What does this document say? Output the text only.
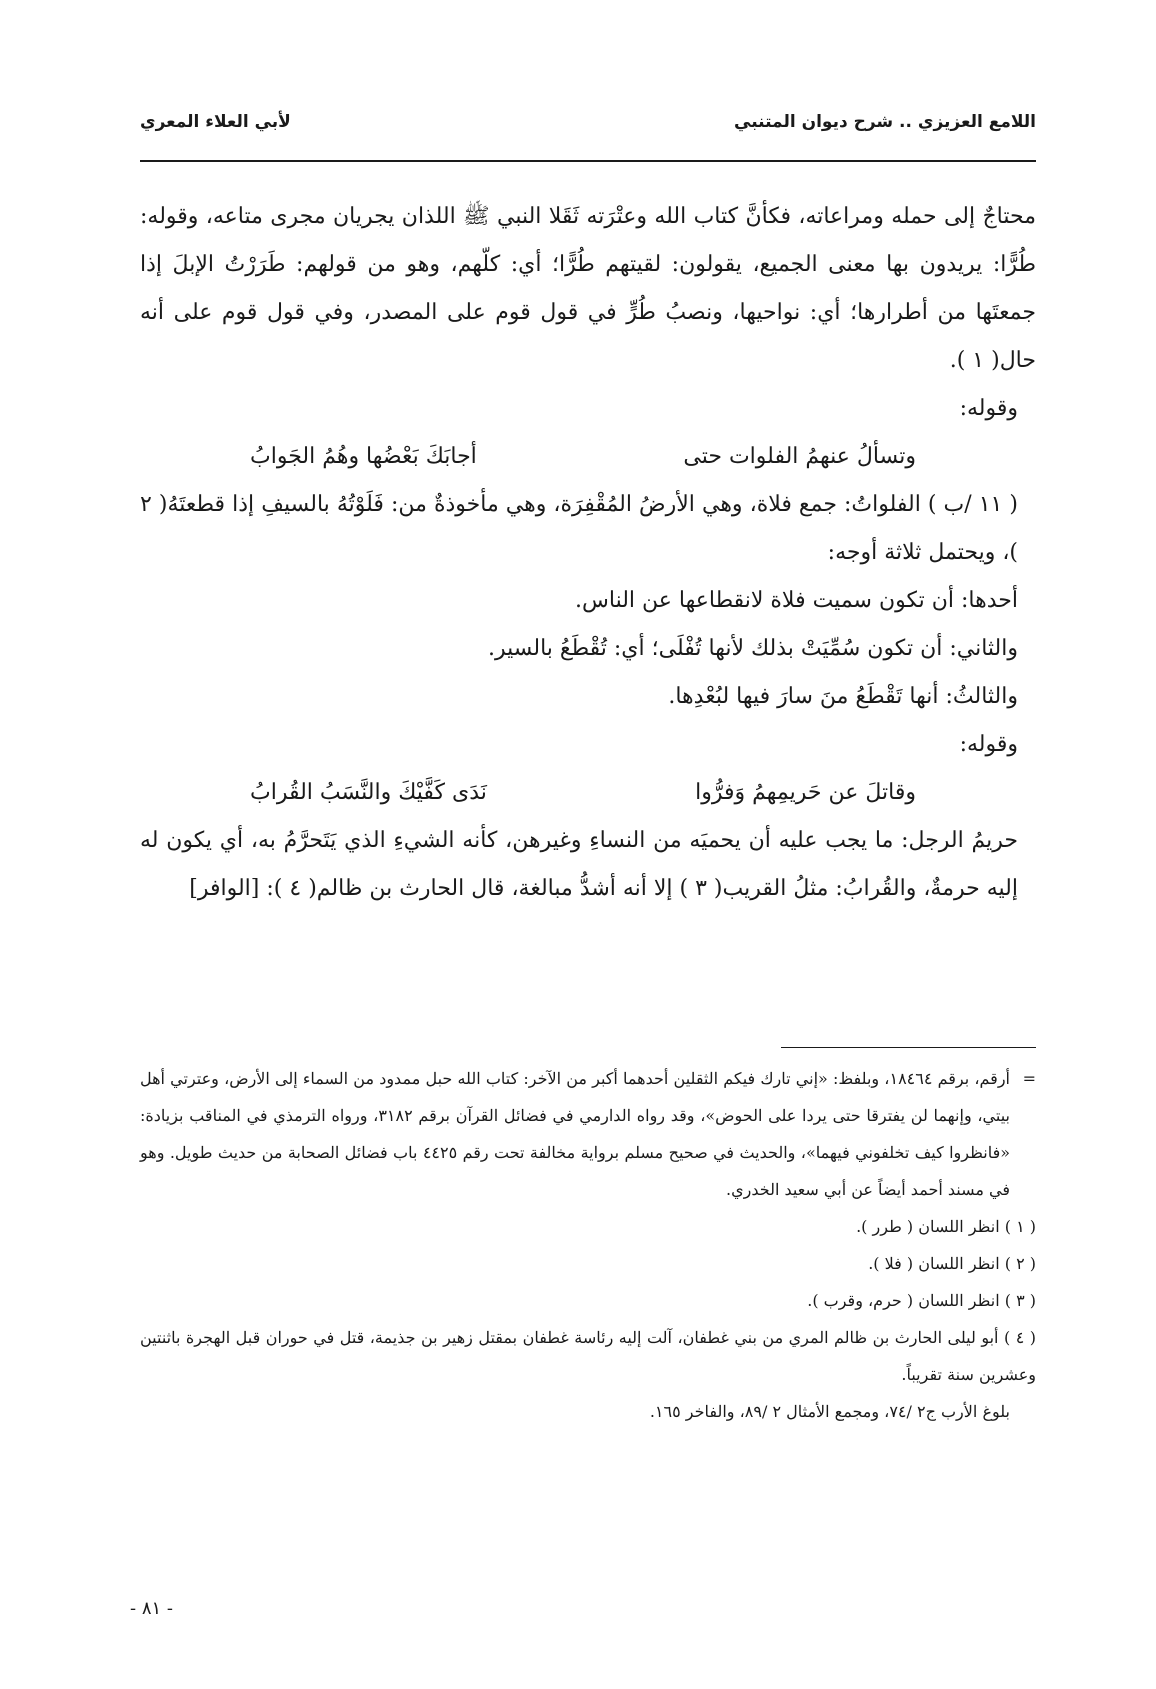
اللامع العزيزي .. شرح ديوان المتنبي
لأبي العلاء المعري

محتاجٌ إلى حمله ومراعاته، فكأنَّ كتاب الله وعتْرَته ثَقَلا النبي ﷺ اللذان يجريان مجرى متاعه، وقوله: طُرًّا: يريدون بها معنى الجميع، يقولون: لقيتهم طُرًّا؛ أي: كلّهم، وهو من قولهم: طَرَرْتُ الإبلَ إذا جمعتَها من أطرارها؛ أي: نواحيها، ونصبُ طُرٍّ في قول قوم على المصدر، وفي قول قوم على أنه حال( ١ ).

وقوله:

وتسألُ عنهمُ الفلوات حتى
أجابَكَ بَعْضُها وهُمُ الجَوابُ

( ١١ /ب ) الفلواتُ: جمع فلاة، وهي الأرضُ المُقْفِرَة، وهي مأخوذةٌ من: فَلَوْتُهُ بالسيفِ إذا قطعتَهُ( ٢ )، ويحتمل ثلاثة أوجه:

أحدها: أن تكون سميت فلاة لانقطاعها عن الناس.

والثاني: أن تكون سُمِّيَتْ بذلك لأنها تُفْلَى؛ أي: تُقْطَعُ بالسير.

والثالثُ: أنها تَقْطَعُ منَ سارَ فيها لبُعْدِها.

وقوله:

وقاتلَ عن حَريمِهمُ وَفرُّوا
نَدَى كَفَّيْكَ والنَّسَبُ القُرابُ

حريمُ الرجل: ما يجب عليه أن يحميَه من النساءِ وغيرهن، كأنه الشيءِ الذي يَتَحرَّمُ به، أي يكون له إليه حرمةٌ، والقُرابُ: مثلُ القريب( ٣ ) إلا أنه أشدُّ مبالغة، قال الحارث بن ظالم( ٤ ): [الوافر]

=
أرقم، برقم ١٨٤٦٤، وبلفظ: «إني تارك فيكم الثقلين أحدهما أكبر من الآخر: كتاب الله حبل ممدود من السماء إلى الأرض، وعترتي أهل بيتي، وإنهما لن يفترقا حتى يردا على الحوض»، وقد رواه الدارمي في فضائل القرآن برقم ٣١٨٢، ورواه الترمذي في المناقب بزيادة: «فانظروا كيف تخلفوني فيهما»، والحديث في صحيح مسلم برواية مخالفة تحت رقم ٤٤٢٥ باب فضائل الصحابة من حديث طويل. وهو في مسند أحمد أيضاً عن أبي سعيد الخدري.

( ١ ) انظر اللسان ( طرر ).

( ٢ ) انظر اللسان ( فلا ).

( ٣ ) انظر اللسان ( حرم، وقرب ).

( ٤ ) أبو ليلى الحارث بن ظالم المري من بني غطفان، آلت إليه رئاسة غطفان بمقتل زهير بن جذيمة، قتل في حوران قبل الهجرة باثنتين وعشرين سنة تقريباً.

بلوغ الأرب ج٢ /٧٤، ومجمع الأمثال ٢ /٨٩، والفاخر ١٦٥.

- ٨١ -
